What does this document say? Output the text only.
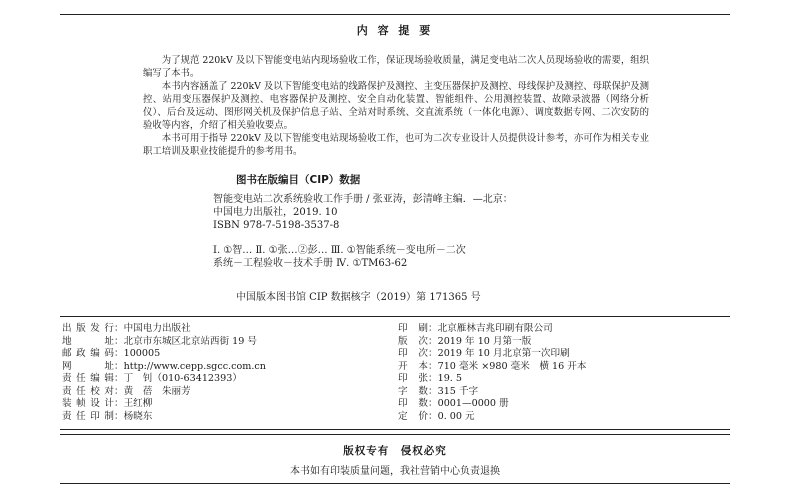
内 容 提 要

为了规范 220kV 及以下智能变电站内现场验收工作，保证现场验收质量，满足变电站二次人员现场验收的需要，组织编写了本书。

本书内容涵盖了 220kV 及以下智能变电站的线路保护及测控、主变压器保护及测控、母线保护及测控、母联保护及测控、站用变压器保护及测控、电容器保护及测控、安全自动化装置、智能组件、公用测控装置、故障录波器（网络分析仪）、后台及远动、图形网关机及保护信息子站、全站对时系统、交直流系统（一体化电源）、调度数据专网、二次安防的验收等内容，介绍了相关验收要点。

本书可用于指导 220kV 及以下智能变电站现场验收工作，也可为二次专业设计人员提供设计参考，亦可作为相关专业职工培训及职业技能提升的参考用书。

图书在版编目（CIP）数据
智能变电站二次系统验收工作手册 / 张亚涛，彭清峰主编．—北京：
中国电力出版社，2019. 10
ISBN 978-7-5198-3537-8
Ⅰ. ①智… Ⅱ. ①张…②彭… Ⅲ. ①智能系统－变电所－二次
系统－工程验收－技术手册 Ⅳ. ①TM63-62
中国版本图书馆 CIP 数据核字（2019）第 171365 号
出版发行 ： 中国电力出版社
地　址 ： 北京市东城区北京站西街 19 号
邮政编码 ： 100005
网　址 ： http://www.cepp.sgcc.com.cn
责任编辑 ： 丁　钊（010-63412393）
责任校对 ： 黄　蓓　朱丽芳
装帧设计 ： 王红柳
责任印制 ： 杨晓东
印　刷 ： 北京雁林吉兆印刷有限公司
版　次 ： 2019 年 10 月第一版
印　次 ： 2019 年 10 月北京第一次印刷
开　本 ： 710 毫米 ×980 毫米　横 16 开本
印　张 ： 19. 5
字　数 ： 315 千字
印　数 ： 0001—0000 册
定　价 ： 0. 00 元
版权专有　侵权必究
本书如有印装质量问题，我社营销中心负责退换
